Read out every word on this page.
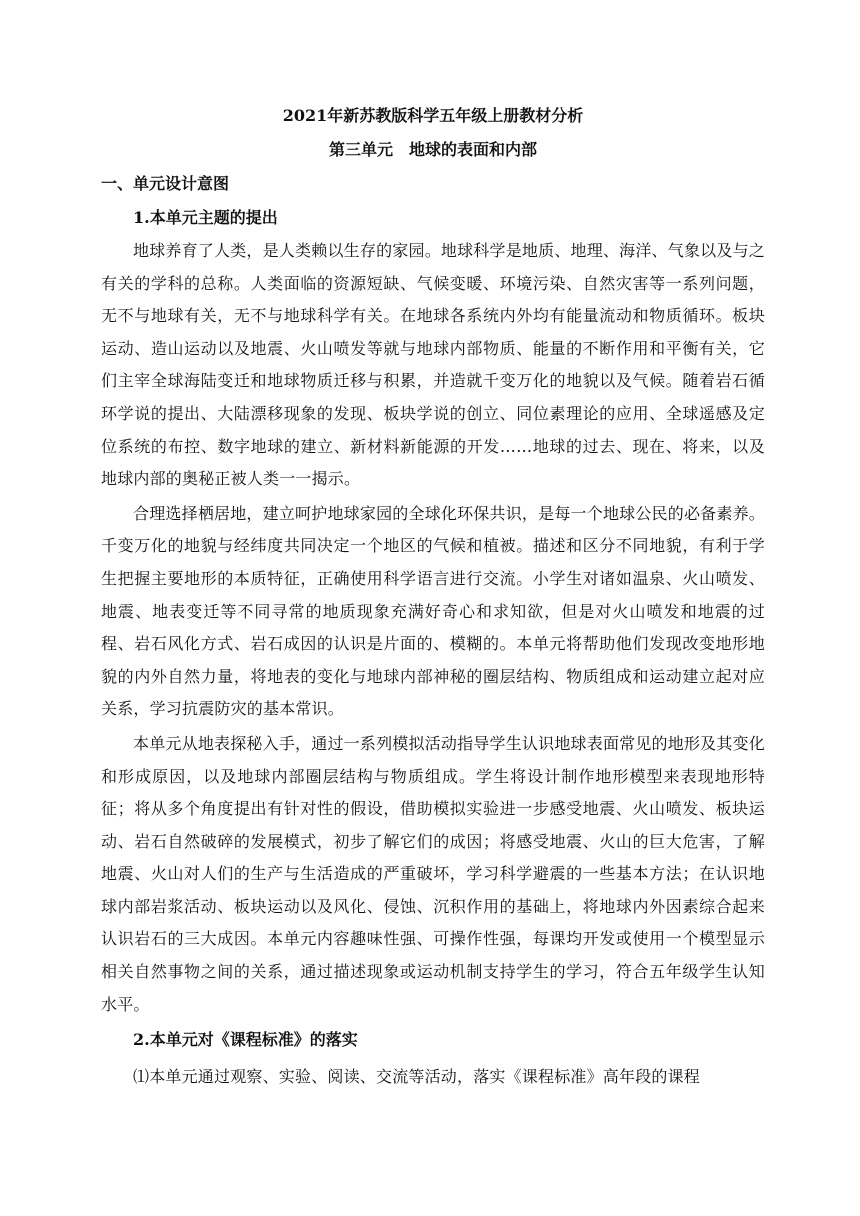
2021年新苏教版科学五年级上册教材分析

第三单元　地球的表面和内部

一、单元设计意图

1.本单元主题的提出

地球养育了人类，是人类赖以生存的家园。地球科学是地质、地理、海洋、气象以及与之有关的学科的总称。人类面临的资源短缺、气候变暖、环境污染、自然灾害等一系列问题，无不与地球有关，无不与地球科学有关。在地球各系统内外均有能量流动和物质循环。板块运动、造山运动以及地震、火山喷发等就与地球内部物质、能量的不断作用和平衡有关，它们主宰全球海陆变迁和地球物质迁移与积累，并造就千变万化的地貌以及气候。随着岩石循环学说的提出、大陆漂移现象的发现、板块学说的创立、同位素理论的应用、全球遥感及定位系统的布控、数字地球的建立、新材料新能源的开发……地球的过去、现在、将来，以及地球内部的奥秘正被人类一一揭示。

合理选择栖居地，建立呵护地球家园的全球化环保共识，是每一个地球公民的必备素养。千变万化的地貌与经纬度共同决定一个地区的气候和植被。描述和区分不同地貌，有利于学生把握主要地形的本质特征，正确使用科学语言进行交流。小学生对诸如温泉、火山喷发、地震、地表变迁等不同寻常的地质现象充满好奇心和求知欲，但是对火山喷发和地震的过程、岩石风化方式、岩石成因的认识是片面的、模糊的。本单元将帮助他们发现改变地形地貌的内外自然力量，将地表的变化与地球内部神秘的圈层结构、物质组成和运动建立起对应关系，学习抗震防灾的基本常识。

本单元从地表探秘入手，通过一系列模拟活动指导学生认识地球表面常见的地形及其变化和形成原因，以及地球内部圈层结构与物质组成。学生将设计制作地形模型来表现地形特征；将从多个角度提出有针对性的假设，借助模拟实验进一步感受地震、火山喷发、板块运动、岩石自然破碎的发展模式，初步了解它们的成因；将感受地震、火山的巨大危害，了解地震、火山对人们的生产与生活造成的严重破坏，学习科学避震的一些基本方法；在认识地球内部岩浆活动、板块运动以及风化、侵蚀、沉积作用的基础上，将地球内外因素综合起来认识岩石的三大成因。本单元内容趣味性强、可操作性强，每课均开发或使用一个模型显示相关自然事物之间的关系，通过描述现象或运动机制支持学生的学习，符合五年级学生认知水平。

2.本单元对《课程标准》的落实

⑴本单元通过观察、实验、阅读、交流等活动，落实《课程标准》高年段的课程
